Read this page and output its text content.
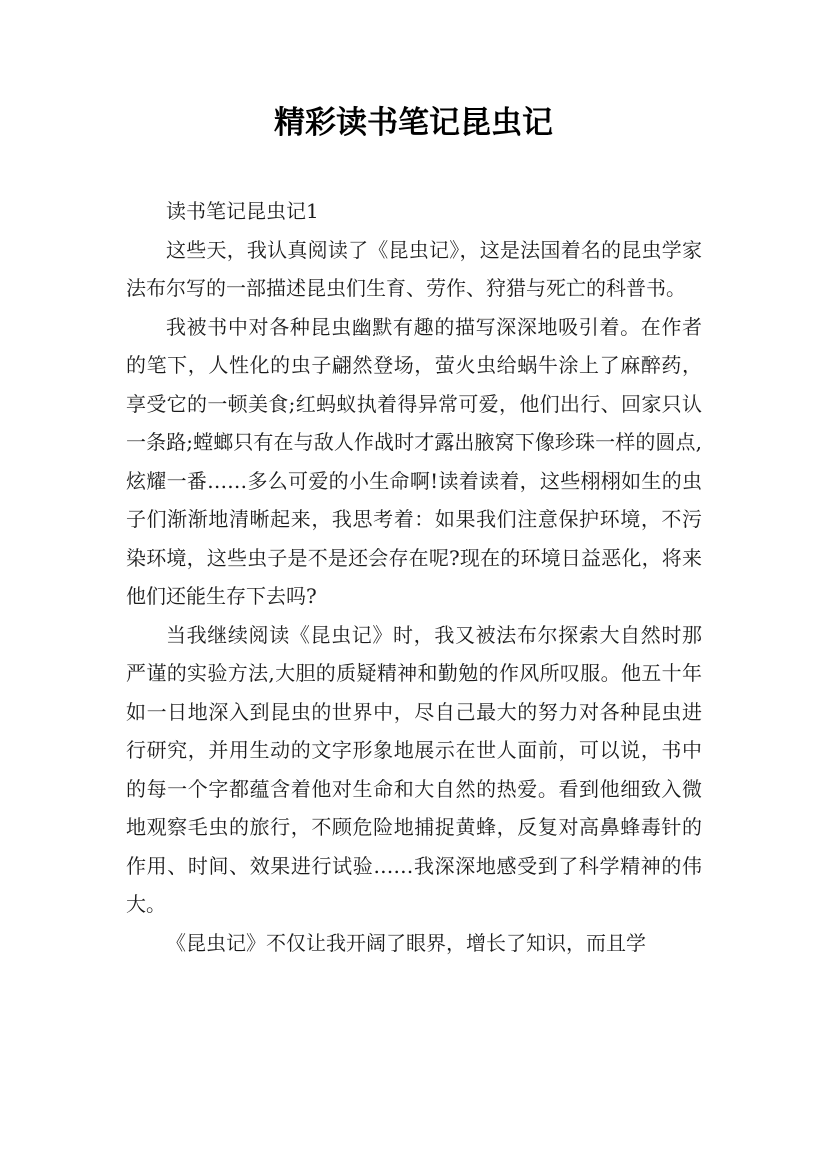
精彩读书笔记昆虫记

读书笔记昆虫记1

这些天，我认真阅读了《昆虫记》，这是法国着名的昆虫学家法布尔写的一部描述昆虫们生育、劳作、狩猎与死亡的科普书。

我被书中对各种昆虫幽默有趣的描写深深地吸引着。在作者的笔下，人性化的虫子翩然登场，萤火虫给蜗牛涂上了麻醉药，享受它的一顿美食;红蚂蚁执着得异常可爱，他们出行、回家只认一条路;螳螂只有在与敌人作战时才露出腋窝下像珍珠一样的圆点,炫耀一番……多么可爱的小生命啊!读着读着，这些栩栩如生的虫子们渐渐地清晰起来，我思考着：如果我们注意保护环境，不污染环境，这些虫子是不是还会存在呢?现在的环境日益恶化，将来他们还能生存下去吗?

当我继续阅读《昆虫记》时，我又被法布尔探索大自然时那严谨的实验方法,大胆的质疑精神和勤勉的作风所叹服。他五十年如一日地深入到昆虫的世界中，尽自己最大的努力对各种昆虫进行研究，并用生动的文字形象地展示在世人面前，可以说，书中的每一个字都蕴含着他对生命和大自然的热爱。看到他细致入微地观察毛虫的旅行，不顾危险地捕捉黄蜂，反复对高鼻蜂毒针的作用、时间、效果进行试验……我深深地感受到了科学精神的伟大。

《昆虫记》不仅让我开阔了眼界，增长了知识，而且学
